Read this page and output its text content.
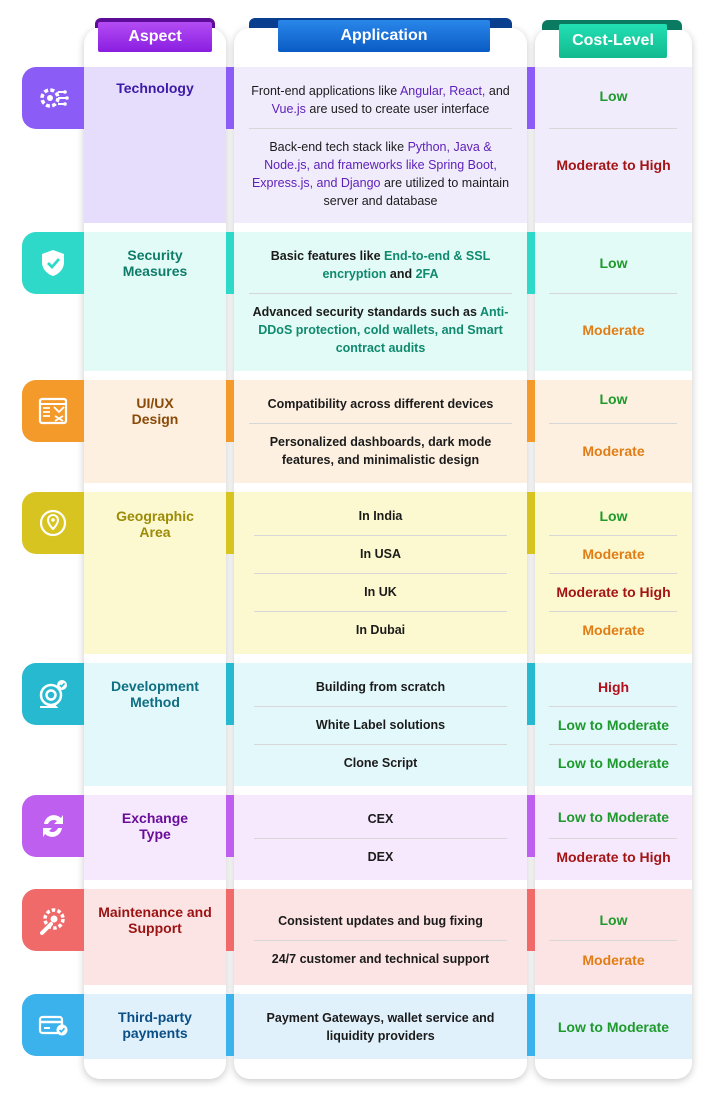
Aspect	Application	Cost-Level
Technology
Security Measures
UI/UX Design
Geographic Area
Development Method
Exchange Type
Maintenance and Support
Third-party payments
Front-end applications like Angular, React, and Vue.js are used to create user interface
Back-end tech stack like Python, Java & Node.js, and frameworks like Spring Boot, Express.js, and Django are utilized to maintain server and database
Basic features like End-to-end & SSL encryption and 2FA
Advanced security standards such as Anti-DDoS protection, cold wallets, and Smart contract audits
Compatibility across different devices
Personalized dashboards, dark mode features, and minimalistic design
In India
In USA
In UK
In Dubai
Building from scratch
White Label solutions
Clone Script
CEX
DEX
Consistent updates and bug fixing
24/7 customer and technical support
Payment Gateways, wallet service and liquidity providers
Low
Moderate to High
Low
Moderate
Low
Moderate
Low
Moderate
Moderate to High
Moderate
High
Low to Moderate
Low to Moderate
Low to Moderate
Moderate to High
Low
Moderate
Low to Moderate
